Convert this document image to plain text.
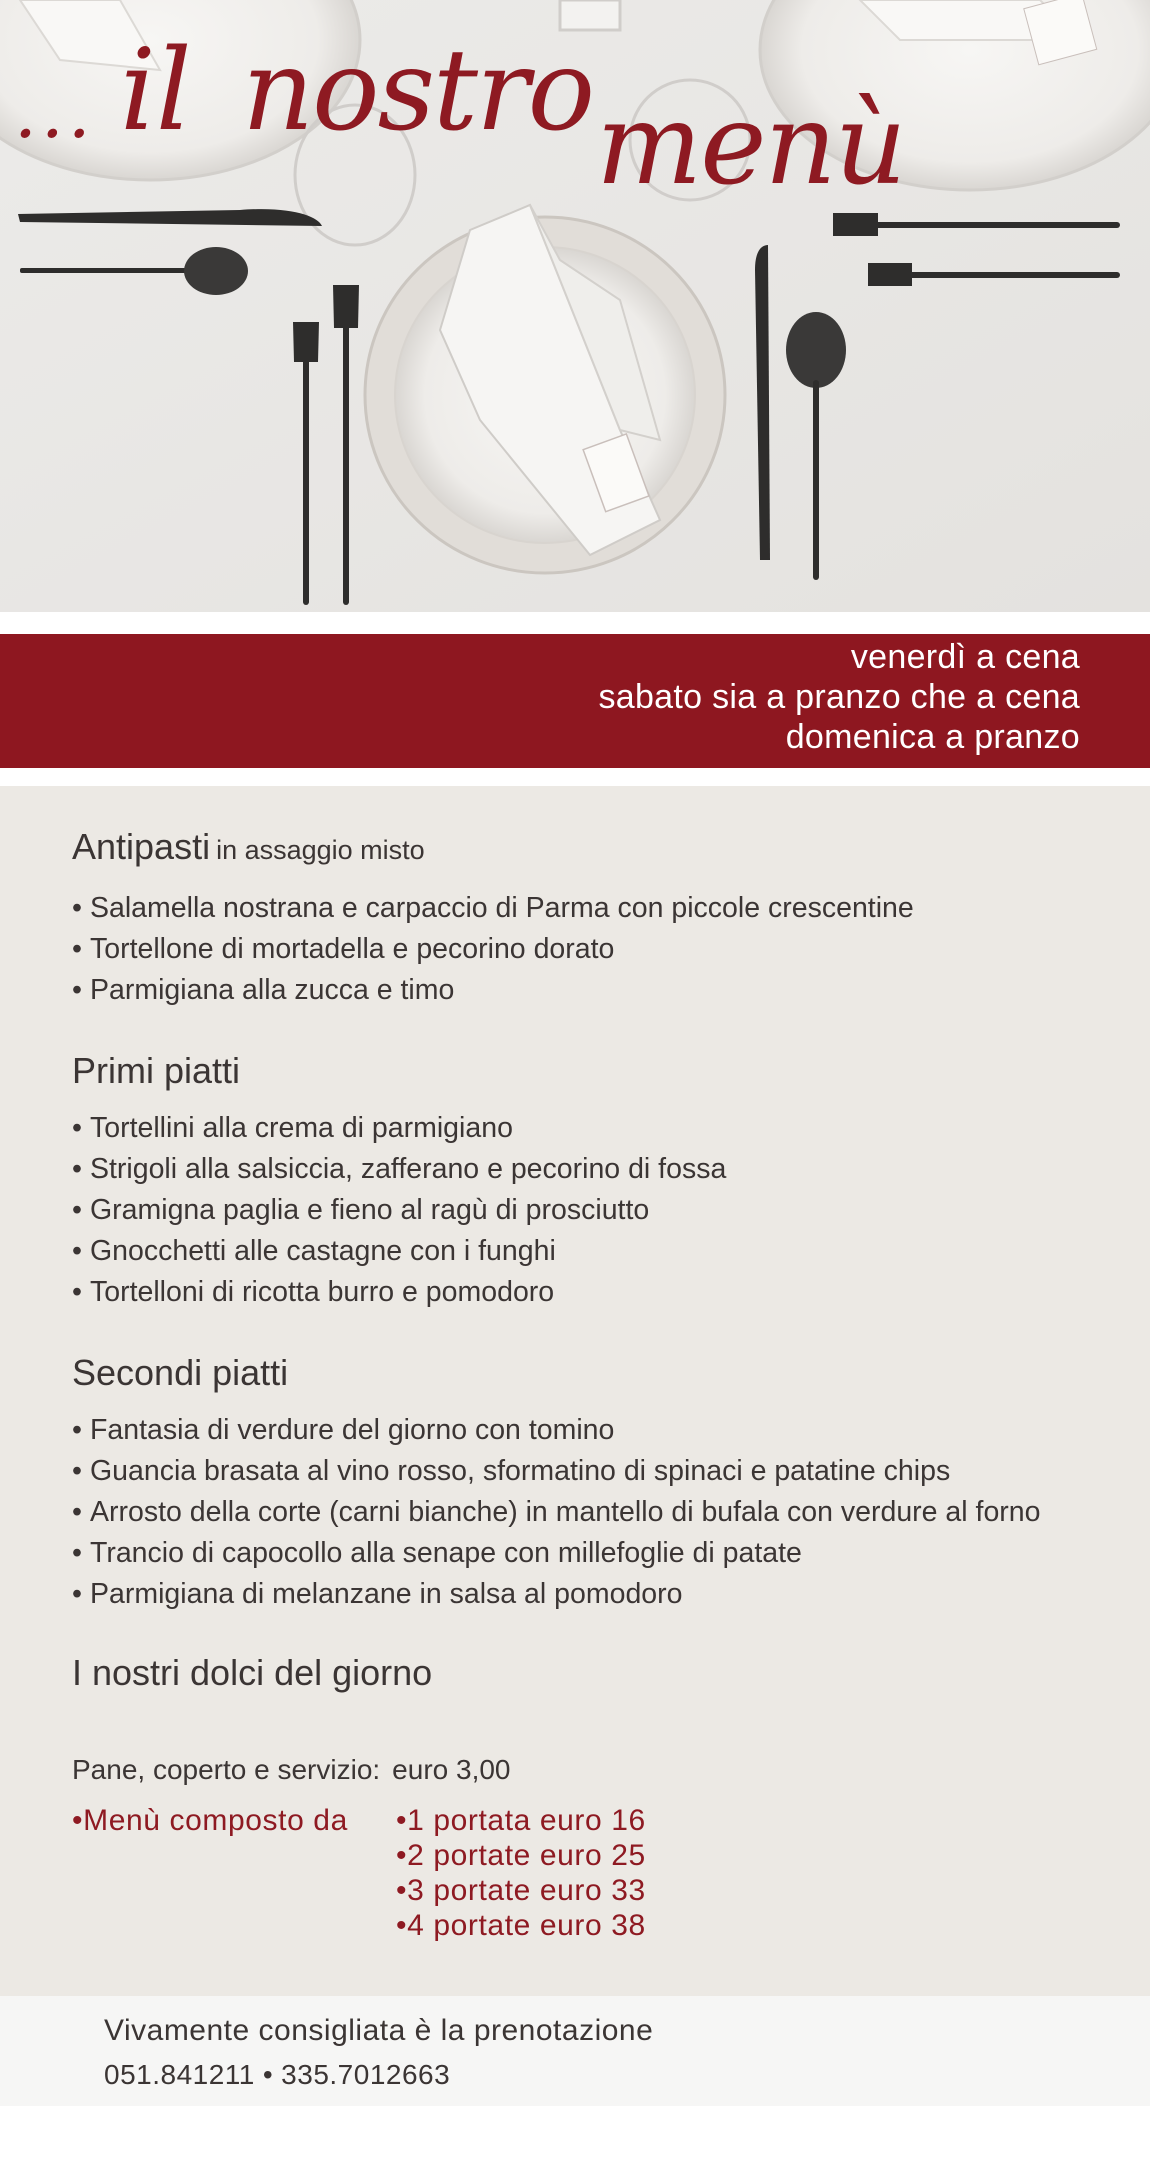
... il nostro menù
venerdì a cena
sabato sia a pranzo che a cena
domenica a pranzo
Antipasti in assaggio misto
• Salamella nostrana e carpaccio di Parma con piccole crescentine
• Tortellone di mortadella e pecorino dorato
• Parmigiana alla zucca e timo
Primi piatti
• Tortellini alla crema di parmigiano
• Strigoli alla salsiccia, zafferano e pecorino di fossa
• Gramigna paglia e fieno al ragù di prosciutto
• Gnocchetti alle castagne con i funghi
• Tortelloni di ricotta burro e pomodoro
Secondi piatti
• Fantasia di verdure del giorno con tomino
• Guancia brasata al vino rosso, sformatino di spinaci e patatine chips
• Arrosto della corte (carni bianche) in mantello di bufala con verdure al forno
• Trancio di capocollo alla senape con millefoglie di patate
• Parmigiana di melanzane in salsa al pomodoro
I nostri dolci del giorno
Pane, coperto e servizio: euro 3,00
• Menù composto da
•	1 portata euro 16
• 2 portate euro 25
• 3 portate euro 33
• 4 portate euro 38
Vivamente consigliata è la prenotazione
051.841211 • 335.7012663
